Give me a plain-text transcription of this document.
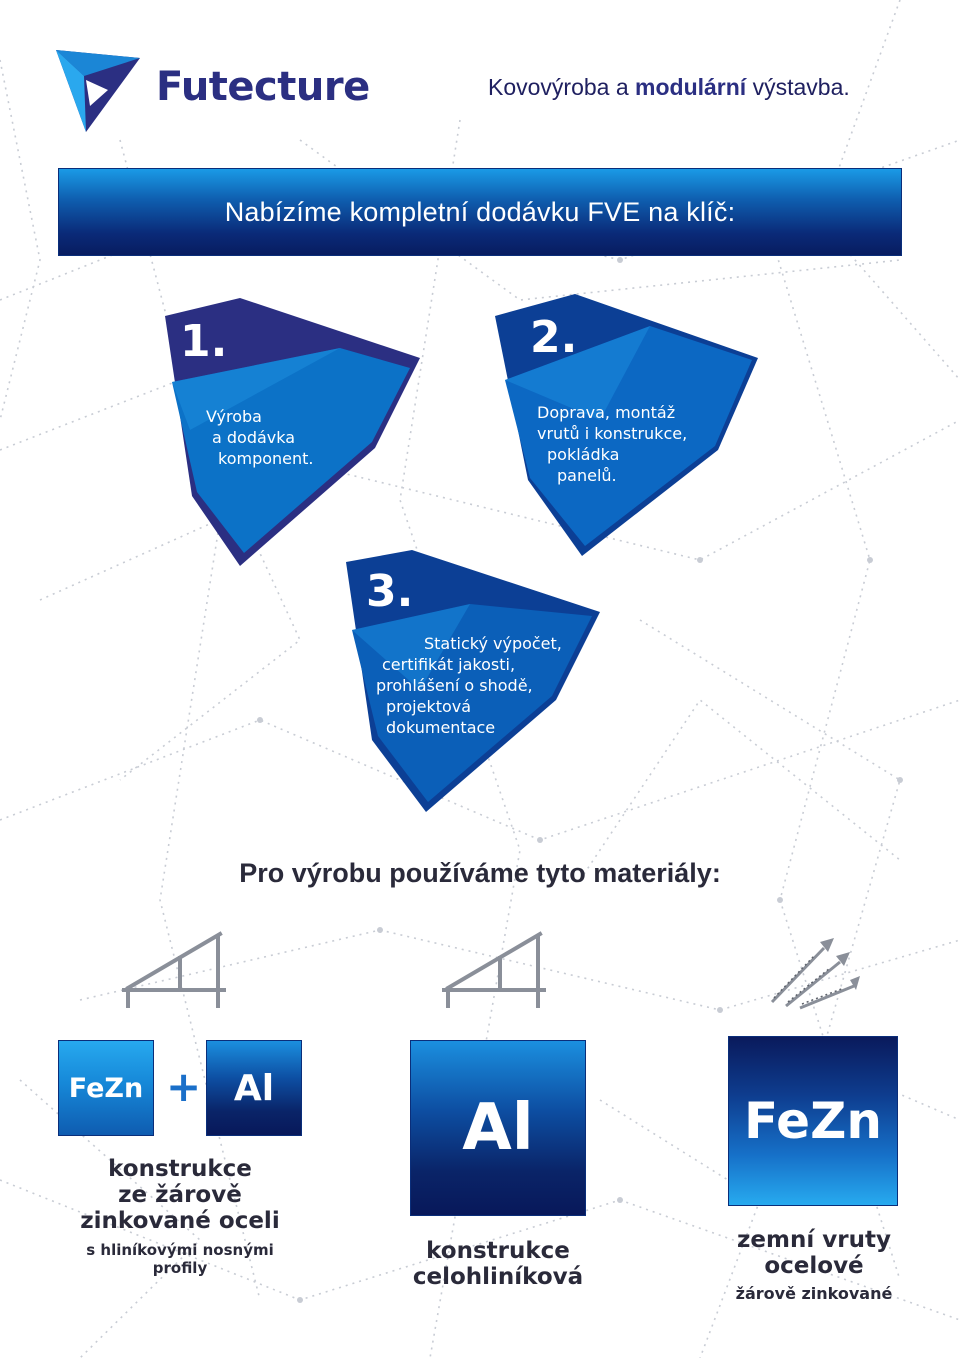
Futecture	Kovovýroba a modulární výstavba.
Nabízíme kompletní dodávku FVE na klíč:
1.
Výroba
a dodávka
komponent.
2.
Doprava, montáž
vrutů i konstrukce,
pokládka
panelů.
3.
Statický výpočet,
certifikát jakosti,
prohlášení o shodě,
projektová
dokumentace
Pro výrobu používáme tyto materiály:
FeZn + Al
Al	FeZn
konstrukce
ze žárově
zinkované oceli
s hliníkovými nosnými
profily
konstrukce
celohliníková
zemní vruty
ocelové
žárově zinkované
